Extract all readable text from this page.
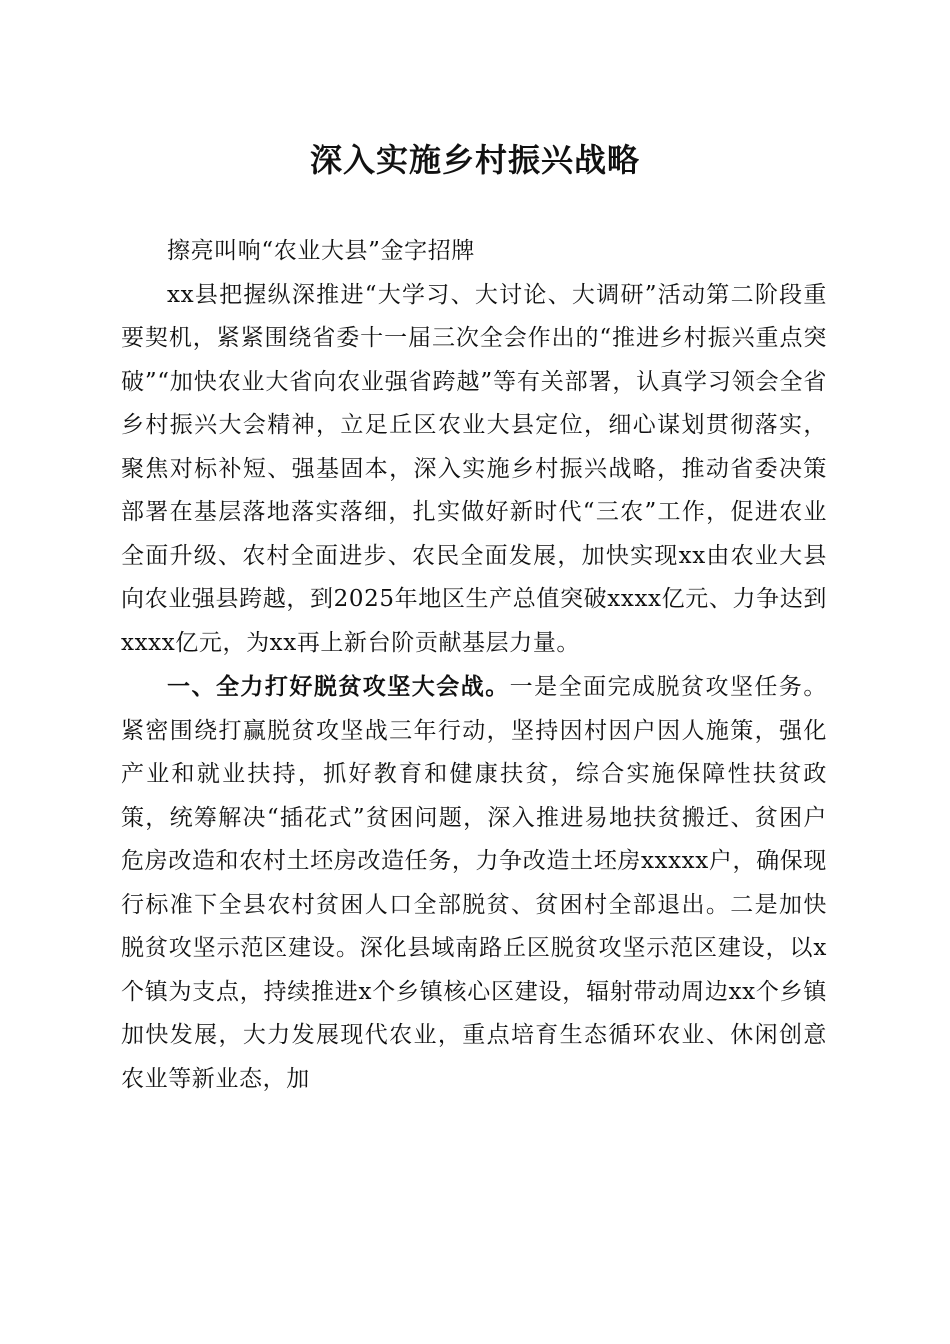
深入实施乡村振兴战略

擦亮叫响“农业大县”金字招牌

xx县把握纵深推进“大学习、大讨论、大调研”活动第二阶段重要契机，紧紧围绕省委十一届三次全会作出的“推进乡村振兴重点突破”“加快农业大省向农业强省跨越”等有关部署，认真学习领会全省乡村振兴大会精神，立足丘区农业大县定位，细心谋划贯彻落实，聚焦对标补短、强基固本，深入实施乡村振兴战略，推动省委决策部署在基层落地落实落细，扎实做好新时代“三农”工作，促进农业全面升级、农村全面进步、农民全面发展，加快实现xx由农业大县向农业强县跨越，到2025年地区生产总值突破xxxx亿元、力争达到xxxx亿元，为xx再上新台阶贡献基层力量。

一、全力打好脱贫攻坚大会战。一是全面完成脱贫攻坚任务。紧密围绕打赢脱贫攻坚战三年行动，坚持因村因户因人施策，强化产业和就业扶持，抓好教育和健康扶贫，综合实施保障性扶贫政策，统筹解决“插花式”贫困问题，深入推进易地扶贫搬迁、贫困户危房改造和农村土坯房改造任务，力争改造土坯房xxxxx户，确保现行标准下全县农村贫困人口全部脱贫、贫困村全部退出。二是加快脱贫攻坚示范区建设。深化县域南路丘区脱贫攻坚示范区建设，以x个镇为支点，持续推进x个乡镇核心区建设，辐射带动周边xx个乡镇加快发展，大力发展现代农业，重点培育生态循环农业、休闲创意农业等新业态，加
